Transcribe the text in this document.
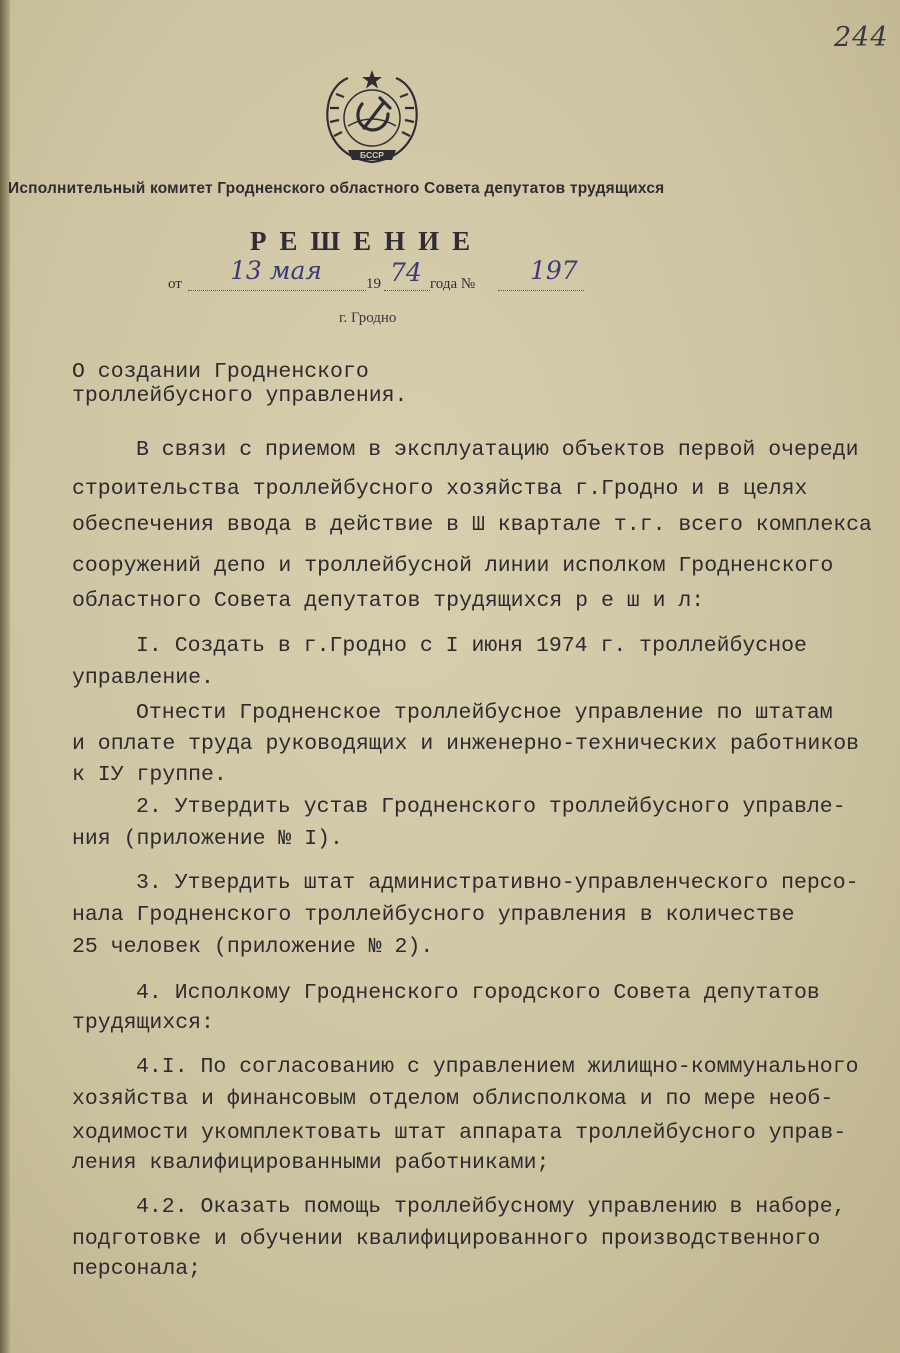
244
БССР
Исполнительный комитет Гродненского областного Совета депутатов трудящихся
РЕШЕНИЕ
от 13 мая	19 74 года № 197
г. Гродно
О создании Гродненского
троллейбусного управления.
В связи с приемом в эксплуатацию объектов первой очереди
строительства троллейбусного хозяйства г.Гродно и в целях
обеспечения ввода в действие в Ш квартале т.г. всего комплекса
сооружений депо и троллейбусной линии исполком Гродненского
областного Совета депутатов трудящихся р е ш и л:
I. Создать в г.Гродно с I июня 1974 г. троллейбусное
управление.
Отнести Гродненское троллейбусное управление по штатам
и оплате труда руководящих и инженерно-технических работников
к IУ группе.
2. Утвердить устав Гродненского троллейбусного управле-
ния (приложение № I).
3. Утвердить штат административно-управленческого персо-
нала Гродненского троллейбусного управления в количестве
25 человек (приложение № 2).
4. Исполкому Гродненского городского Совета депутатов
трудящихся:
4.I. По согласованию с управлением жилищно-коммунального
хозяйства и финансовым отделом облисполкома и по мере необ-
ходимости укомплектовать штат аппарата троллейбусного управ-
ления квалифицированными работниками;
4.2. Оказать помощь троллейбусному управлению в наборе,
подготовке и обучении квалифицированного производственного
персонала;
